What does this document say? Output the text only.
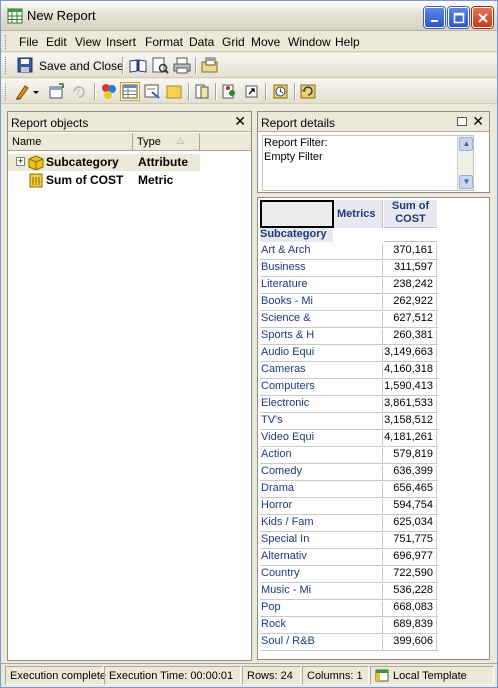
New Report
File Edit View Insert Format Data Grid Move Window Help
Save and Close
?
Report objects	✕
Name	Type △
+ Subcategory Attribute
Sum of COST Metric
Report details	✕
Report Filter:
Empty Filter
▲
▼
Metrics
Sum of COST
Subcategory
Art & Arch	370,161
Business	311,597
Literature	238,242
Books - Mi	262,922
Science &	627,512
Sports & H	260,381
Audio Equi	3,149,663
Cameras	4,160,318
Computers	1,590,413
Electronic	3,861,533
TV's	3,158,512
Video Equi	4,181,261
Action	579,819
Comedy	636,399
Drama	656,465
Horror	594,754
Kids / Fam	625,034
Special In	751,775
Alternativ	696,977
Country	722,590
Music - Mi	536,228
Pop	668,083
Rock	689,839
Soul / R&B	399,606
Execution complete Execution Time: 00:00:01	Rows: 24	Columns: 1	Local Template
